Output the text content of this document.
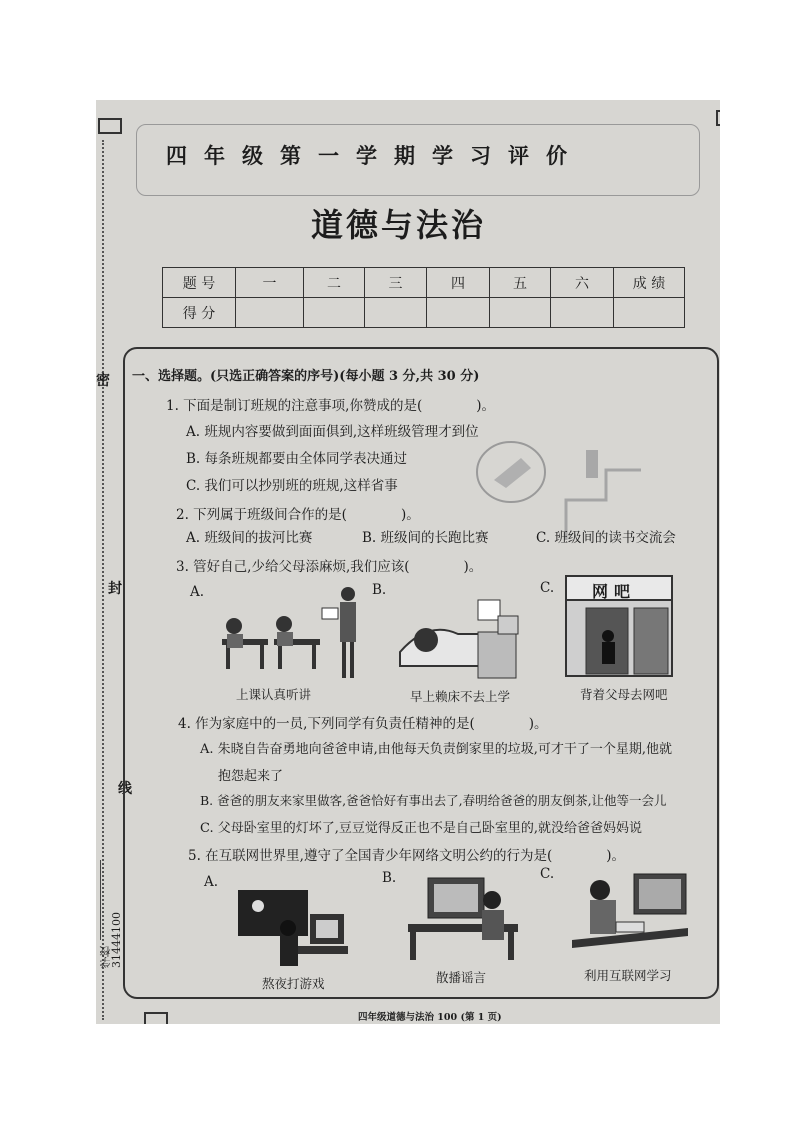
密
封
线
学校
31444100
四年级第一学期学习评价
道德与法治
题 号	一	二	三	四	五	六	成 绩
得 分							
一、选择题。(只选正确答案的序号)(每小题 3 分,共 30 分)
1. 下面是制订班规的注意事项,你赞成的是(　　　　)。
A. 班规内容要做到面面俱到,这样班级管理才到位
B. 每条班规都要由全体同学表决通过
C. 我们可以抄别班的班规,这样省事
2. 下列属于班级间合作的是(　　　　)。
A. 班级间的拔河比赛	B. 班级间的长跑比赛	C. 班级间的读书交流会
3. 管好自己,少给父母添麻烦,我们应该(　　　　)。
A.	B.	C.
上课认真听讲	早上赖床不去上学
网吧
背着父母去网吧
4. 作为家庭中的一员,下列同学有负责任精神的是(　　　　)。
A. 朱晓自告奋勇地向爸爸申请,由他每天负责倒家里的垃圾,可才干了一个星期,他就
抱怨起来了
B. 爸爸的朋友来家里做客,爸爸恰好有事出去了,春明给爸爸的朋友倒茶,让他等一会儿
C. 父母卧室里的灯坏了,豆豆觉得反正也不是自己卧室里的,就没给爸爸妈妈说
5. 在互联网世界里,遵守了全国青少年网络文明公约的行为是(　　　　)。
A.	B.	C.
熬夜打游戏	散播谣言	利用互联网学习
四年级道德与法治 100 (第 1 页)
